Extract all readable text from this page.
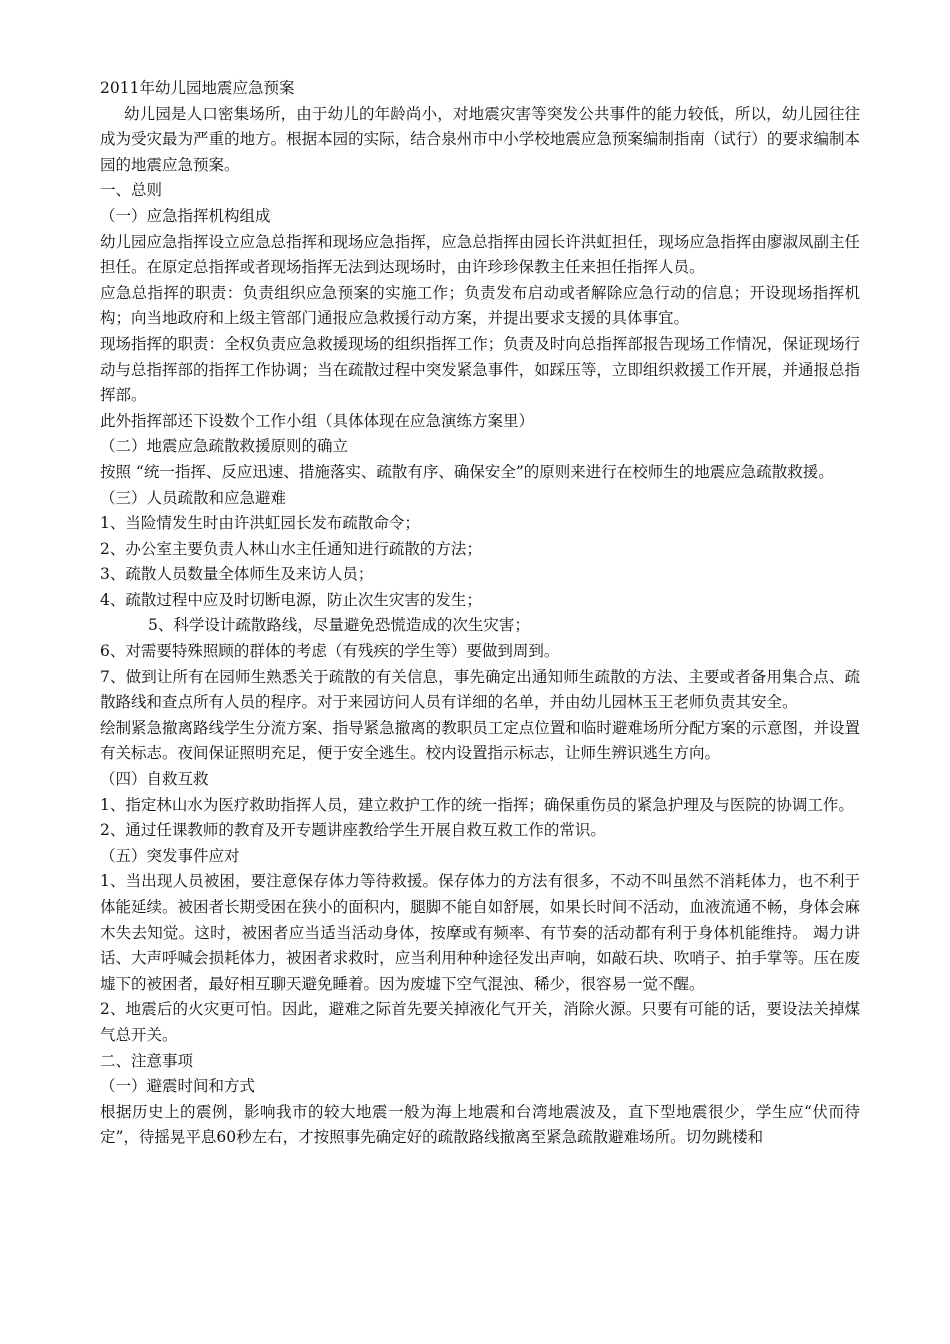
2011年幼儿园地震应急预案

幼儿园是人口密集场所，由于幼儿的年龄尚小，对地震灾害等突发公共事件的能力较低，所以，幼儿园往往成为受灾最为严重的地方。根据本园的实际，结合泉州市中小学校地震应急预案编制指南（试行）的要求编制本园的地震应急预案。

一、总则

（一）应急指挥机构组成

幼儿园应急指挥设立应急总指挥和现场应急指挥，应急总指挥由园长许洪虹担任，现场应急指挥由廖淑凤副主任担任。在原定总指挥或者现场指挥无法到达现场时，由许珍珍保教主任来担任指挥人员。

应急总指挥的职责：负责组织应急预案的实施工作；负责发布启动或者解除应急行动的信息；开设现场指挥机构；向当地政府和上级主管部门通报应急救援行动方案，并提出要求支援的具体事宜。

现场指挥的职责：全权负责应急救援现场的组织指挥工作；负责及时向总指挥部报告现场工作情况，保证现场行动与总指挥部的指挥工作协调；当在疏散过程中突发紧急事件，如踩压等，立即组织救援工作开展，并通报总指挥部。

此外指挥部还下设数个工作小组（具体体现在应急演练方案里）

（二）地震应急疏散救援原则的确立

按照 “统一指挥、反应迅速、措施落实、疏散有序、确保安全”的原则来进行在校师生的地震应急疏散救援。

（三）人员疏散和应急避难

1、当险情发生时由许洪虹园长发布疏散命令；

2、办公室主要负责人林山水主任通知进行疏散的方法；

3、疏散人员数量全体师生及来访人员；

4、疏散过程中应及时切断电源，防止次生灾害的发生；

5、科学设计疏散路线，尽量避免恐慌造成的次生灾害；

6、对需要特殊照顾的群体的考虑（有残疾的学生等）要做到周到。

7、做到让所有在园师生熟悉关于疏散的有关信息，事先确定出通知师生疏散的方法、主要或者备用集合点、疏散路线和查点所有人员的程序。对于来园访问人员有详细的名单，并由幼儿园林玉王老师负责其安全。

绘制紧急撤离路线学生分流方案、指导紧急撤离的教职员工定点位置和临时避难场所分配方案的示意图，并设置有关标志。夜间保证照明充足，便于安全逃生。校内设置指示标志，让师生辨识逃生方向。

（四）自救互救

1、指定林山水为医疗救助指挥人员，建立救护工作的统一指挥；确保重伤员的紧急护理及与医院的协调工作。

2、通过任课教师的教育及开专题讲座教给学生开展自救互救工作的常识。

（五）突发事件应对

1、当出现人员被困，要注意保存体力等待救援。保存体力的方法有很多，不动不叫虽然不消耗体力，也不利于体能延续。被困者长期受困在狭小的面积内，腿脚不能自如舒展，如果长时间不活动，血液流通不畅，身体会麻木失去知觉。这时，被困者应当适当活动身体，按摩或有频率、有节奏的活动都有利于身体机能维持。 竭力讲话、大声呼喊会损耗体力，被困者求救时，应当利用种种途径发出声响，如敲石块、吹哨子、拍手掌等。压在废墟下的被困者，最好相互聊天避免睡着。因为废墟下空气混浊、稀少，很容易一觉不醒。

2、地震后的火灾更可怕。因此，避难之际首先要关掉液化气开关，消除火源。只要有可能的话，要设法关掉煤气总开关。

二、注意事项

（一）避震时间和方式

根据历史上的震例，影响我市的较大地震一般为海上地震和台湾地震波及，直下型地震很少，学生应“伏而待定”，待摇晃平息60秒左右，才按照事先确定好的疏散路线撤离至紧急疏散避难场所。切勿跳楼和
